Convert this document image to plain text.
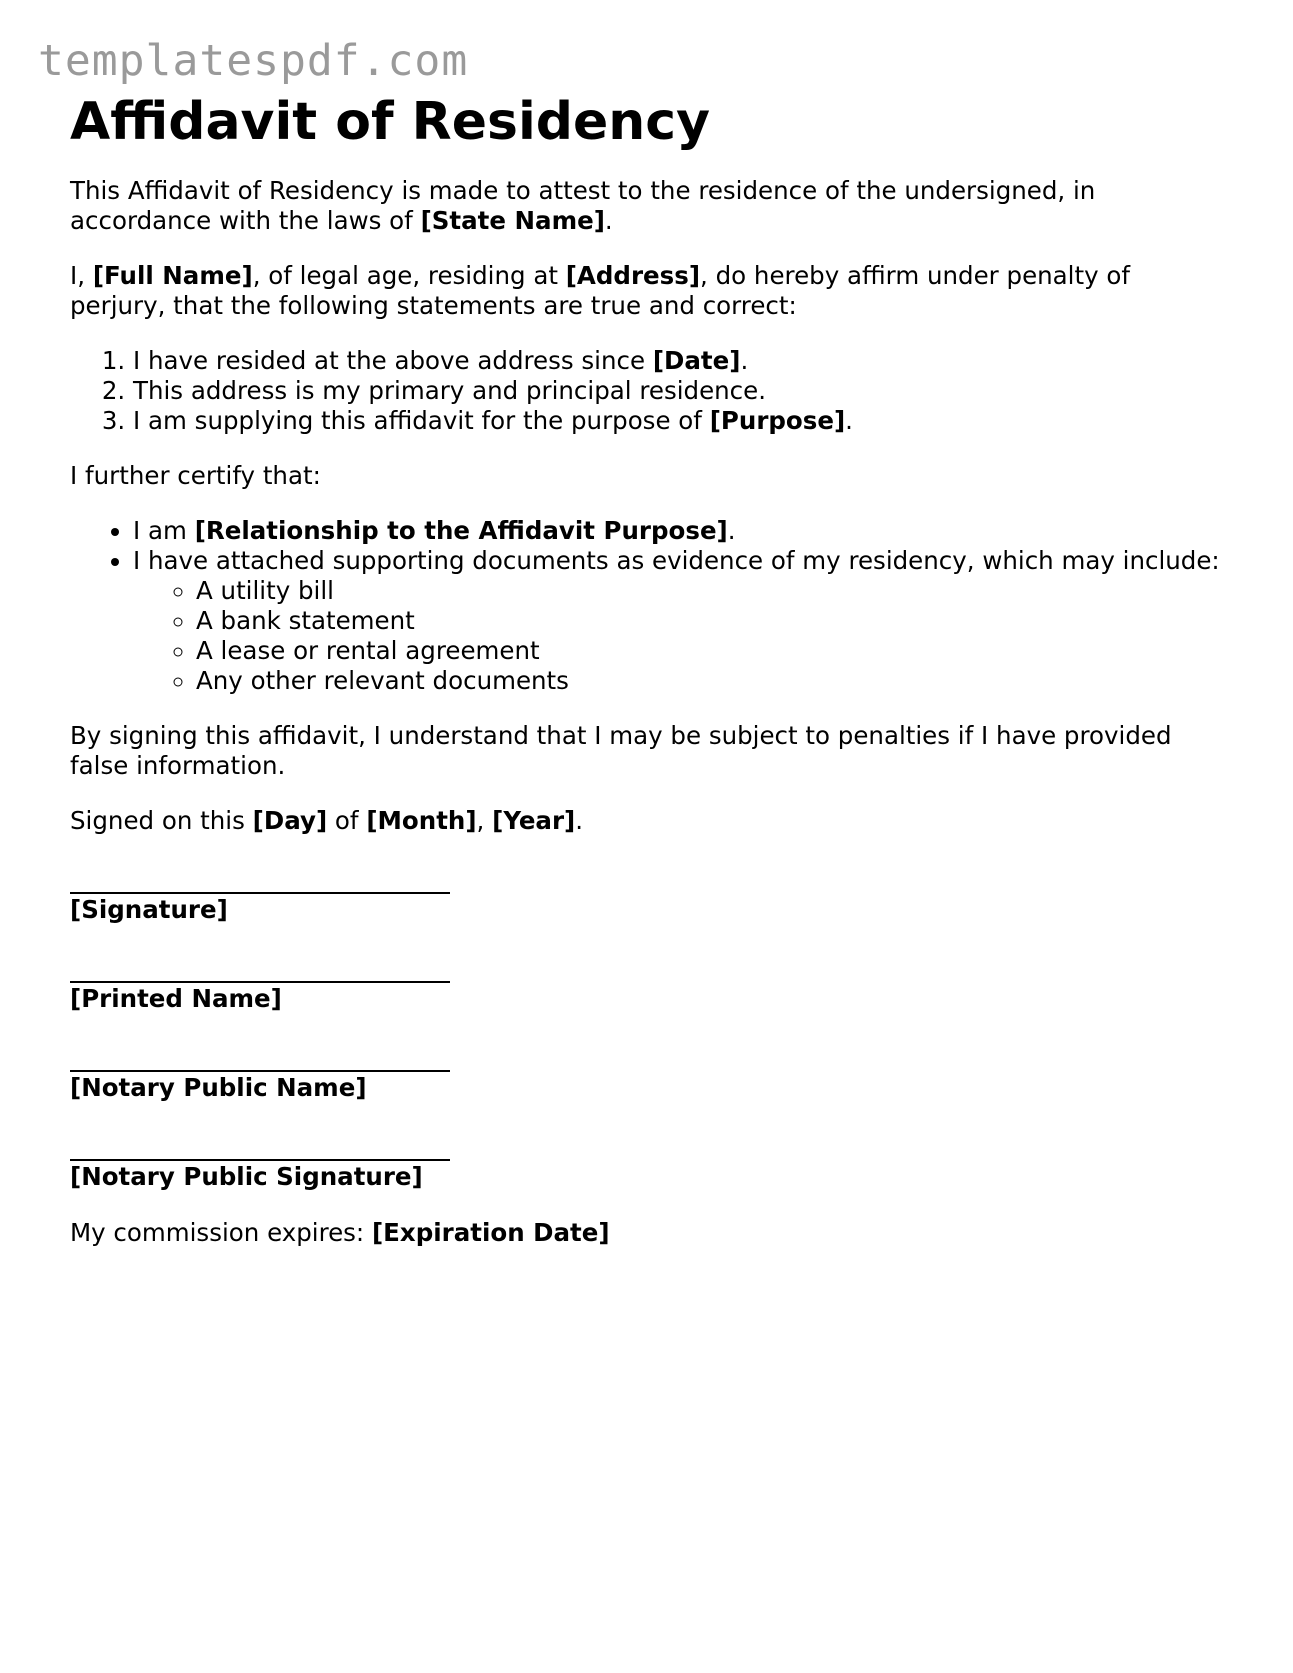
templatespdf.com
Affidavit of Residency

This Affidavit of Residency is made to attest to the residence of the undersigned, in accordance with the laws of [State Name].

I, [Full Name], of legal age, residing at [Address], do hereby affirm under penalty of perjury, that the following statements are true and correct:

1. I have resided at the above address since [Date].
2. This address is my primary and principal residence.
3. I am supplying this affidavit for the purpose of [Purpose].

I further certify that:

• I am [Relationship to the Affidavit Purpose].
• I have attached supporting documents as evidence of my residency, which may include:
◦ A utility bill
◦ A bank statement
◦ A lease or rental agreement
◦ Any other relevant documents

By signing this affidavit, I understand that I may be subject to penalties if I have provided false information.

Signed on this [Day] of [Month], [Year].

[Signature]
[Printed Name]
[Notary Public Name]
[Notary Public Signature]

My commission expires: [Expiration Date]
